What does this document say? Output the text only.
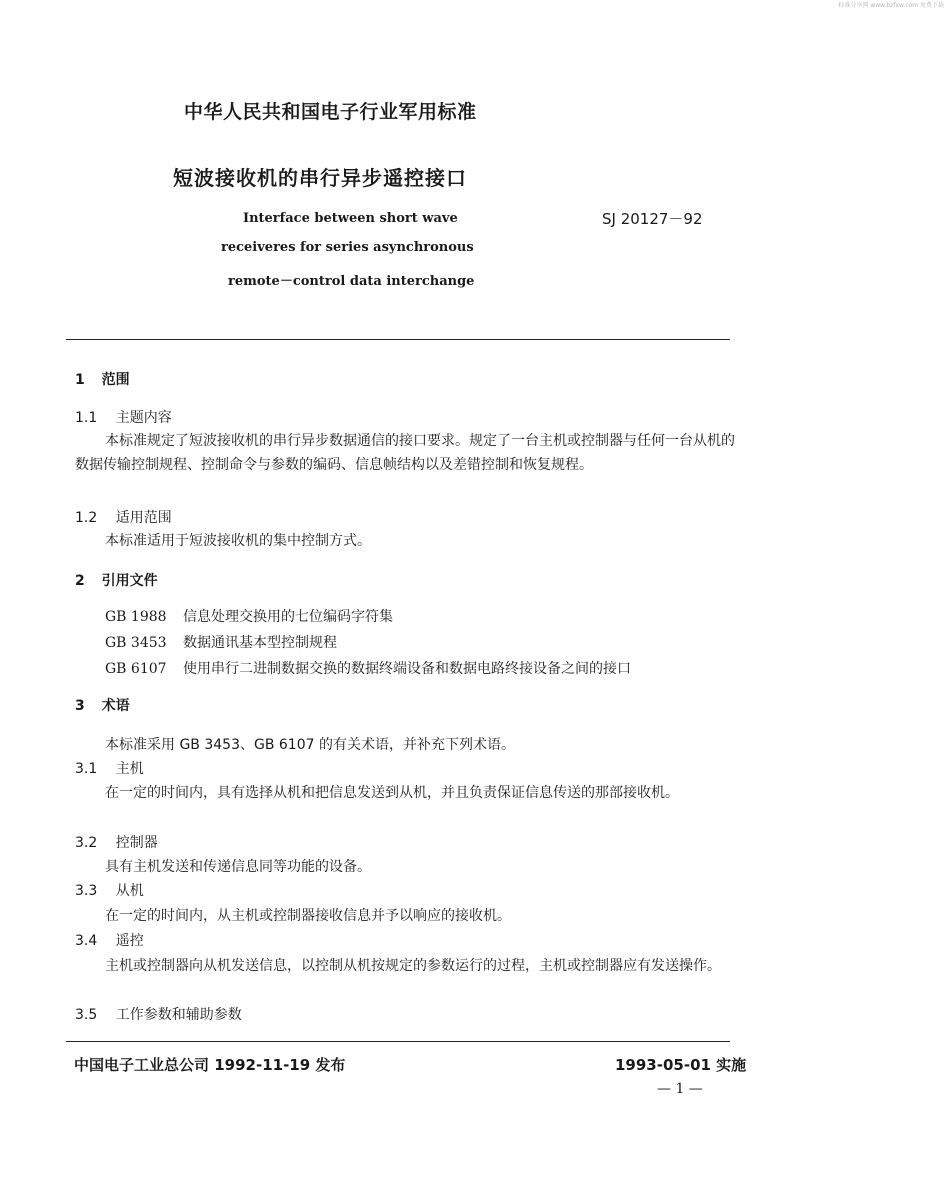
标准分享网 www.bzfxw.com 免费下载
中华人民共和国电子行业军用标准
短波接收机的串行异步遥控接口
Interface between short wave
receiveres for series asynchronous
remote－control data interchange
SJ 20127－92
1 范围
1.1 主题内容
本标准规定了短波接收机的串行异步数据通信的接口要求。规定了一台主机或控制器与任何一台从机的数据传输控制规程、控制命令与参数的编码、信息帧结构以及差错控制和恢复规程。
1.2 适用范围
本标准适用于短波接收机的集中控制方式。
2 引用文件
GB 1988 信息处理交换用的七位编码字符集
GB 3453 数据通讯基本型控制规程
GB 6107 使用串行二进制数据交换的数据终端设备和数据电路终接设备之间的接口
3 术语
本标准采用 GB 3453、GB 6107 的有关术语，并补充下列术语。
3.1 主机
在一定的时间内，具有选择从机和把信息发送到从机，并且负责保证信息传送的那部接收机。
3.2 控制器
具有主机发送和传递信息同等功能的设备。
3.3 从机
在一定的时间内，从主机或控制器接收信息并予以响应的接收机。
3.4 遥控
主机或控制器向从机发送信息，以控制从机按规定的参数运行的过程，主机或控制器应有发送操作。
3.5 工作参数和辅助参数
中国电子工业总公司 1992-11-19 发布	1993-05-01 实施
— 1 —
